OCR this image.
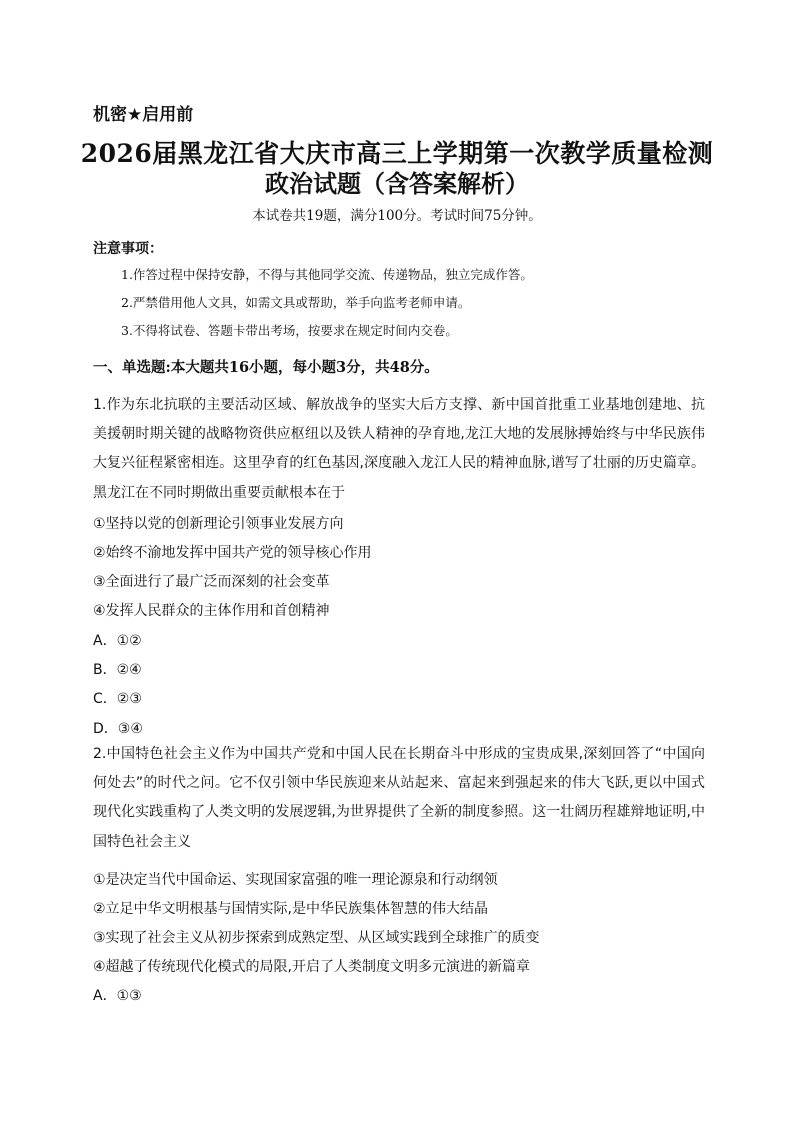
机密★启用前
2026届黑龙江省大庆市高三上学期第一次教学质量检测
政治试题（含答案解析）
本试卷共19题，满分100分。考试时间75分钟。
注意事项：
1.作答过程中保持安静，不得与其他同学交流、传递物品，独立完成作答。
2.严禁借用他人文具，如需文具或帮助，举手向监考老师申请。
3.不得将试卷、答题卡带出考场，按要求在规定时间内交卷。
一、单选题:本大题共16小题，每小题3分，共48分。
1.作为东北抗联的主要活动区域、解放战争的坚实大后方支撑、新中国首批重工业基地创建地、抗美援朝时期关键的战略物资供应枢纽以及铁人精神的孕育地,龙江大地的发展脉搏始终与中华民族伟大复兴征程紧密相连。这里孕育的红色基因,深度融入龙江人民的精神血脉,谱写了壮丽的历史篇章。黑龙江在不同时期做出重要贡献根本在于
①坚持以党的创新理论引领事业发展方向
②始终不渝地发挥中国共产党的领导核心作用
③全面进行了最广泛而深刻的社会变革
④发挥人民群众的主体作用和首创精神
A．①②
B．②④
C．②③
D．③④
2.中国特色社会主义作为中国共产党和中国人民在长期奋斗中形成的宝贵成果,深刻回答了“中国向何处去”的时代之问。它不仅引领中华民族迎来从站起来、富起来到强起来的伟大飞跃,更以中国式现代化实践重构了人类文明的发展逻辑,为世界提供了全新的制度参照。这一壮阔历程雄辩地证明,中国特色社会主义
①是决定当代中国命运、实现国家富强的唯一理论源泉和行动纲领
②立足中华文明根基与国情实际,是中华民族集体智慧的伟大结晶
③实现了社会主义从初步探索到成熟定型、从区域实践到全球推广的质变
④超越了传统现代化模式的局限,开启了人类制度文明多元演进的新篇章
A．①③
